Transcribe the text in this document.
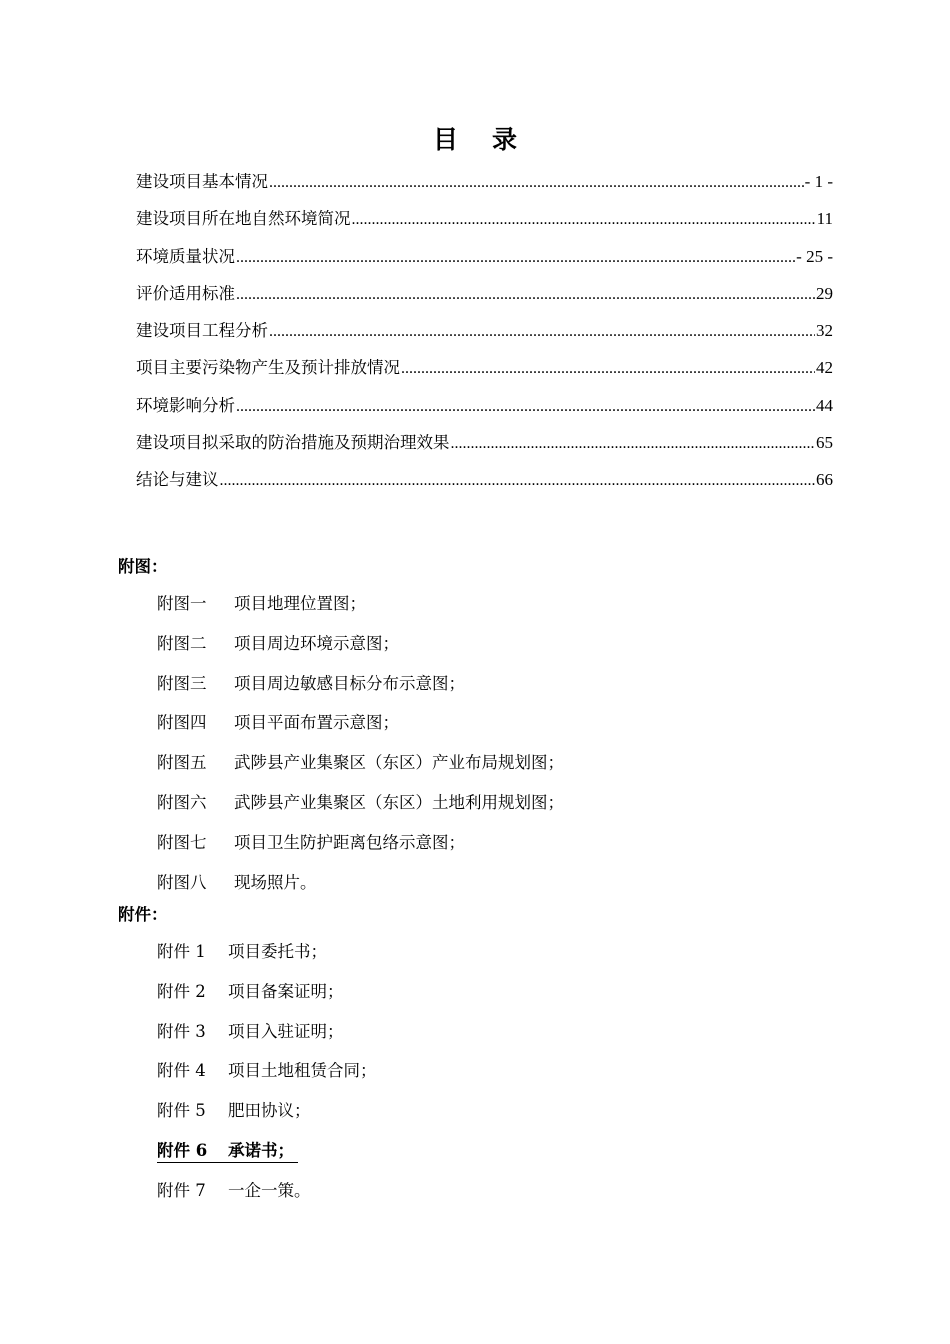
目 录
建设项目基本情况 .....	- 1 -
建设项目所在地自然环境简况 .....	11
环境质量状况 .....	- 25 -
评价适用标准 .....	29
建设项目工程分析 .....	32
项目主要污染物产生及预计排放情况 .....	42
环境影响分析 .....	44
建设项目拟采取的防治措施及预期治理效果 .....	65
结论与建议 .....	66
附图：
附图一	项目地理位置图；
附图二	项目周边环境示意图；
附图三	项目周边敏感目标分布示意图；
附图四	项目平面布置示意图；
附图五	武陟县产业集聚区（东区）产业布局规划图；
附图六	武陟县产业集聚区（东区）土地利用规划图；
附图七	项目卫生防护距离包络示意图；
附图八	现场照片。
附件：
附件 1	项目委托书；
附件 2	项目备案证明；
附件 3	项目入驻证明；
附件 4	项目土地租赁合同；
附件 5	肥田协议；
附件 6	承诺书；
附件 7	一企一策。
